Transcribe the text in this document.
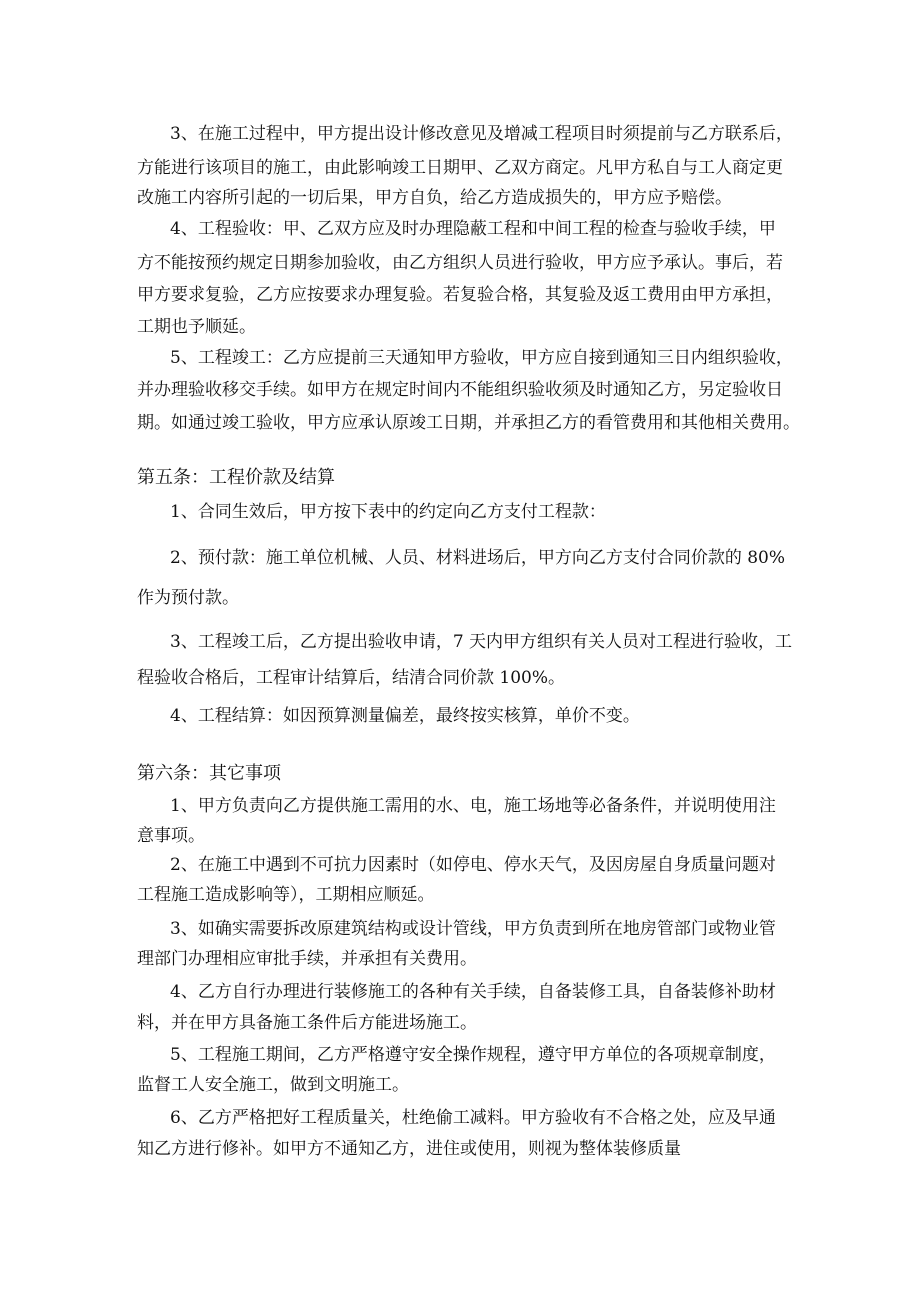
3、在施工过程中，甲方提出设计修改意见及增减工程项目时须提前与乙方联系后，
方能进行该项目的施工，由此影响竣工日期甲、乙双方商定。凡甲方私自与工人商定更
改施工内容所引起的一切后果，甲方自负，给乙方造成损失的，甲方应予赔偿。
4、工程验收：甲、乙双方应及时办理隐蔽工程和中间工程的检查与验收手续，甲
方不能按预约规定日期参加验收，由乙方组织人员进行验收，甲方应予承认。事后，若
甲方要求复验，乙方应按要求办理复验。若复验合格，其复验及返工费用由甲方承担，
工期也予顺延。
5、工程竣工：乙方应提前三天通知甲方验收，甲方应自接到通知三日内组织验收，
并办理验收移交手续。如甲方在规定时间内不能组织验收须及时通知乙方，另定验收日
期。如通过竣工验收，甲方应承认原竣工日期，并承担乙方的看管费用和其他相关费用。
第五条：工程价款及结算
1、合同生效后，甲方按下表中的约定向乙方支付工程款：
2、预付款：施工单位机械、人员、材料进场后，甲方向乙方支付合同价款的 80%
作为预付款。
3、工程竣工后，乙方提出验收申请，7 天内甲方组织有关人员对工程进行验收，工
程验收合格后，工程审计结算后，结清合同价款 100%。
4、工程结算：如因预算测量偏差，最终按实核算，单价不变。
第六条：其它事项
1、甲方负责向乙方提供施工需用的水、电，施工场地等必备条件，并说明使用注
意事项。
2、在施工中遇到不可抗力因素时（如停电、停水天气，及因房屋自身质量问题对
工程施工造成影响等），工期相应顺延。
3、如确实需要拆改原建筑结构或设计管线，甲方负责到所在地房管部门或物业管
理部门办理相应审批手续，并承担有关费用。
4、乙方自行办理进行装修施工的各种有关手续，自备装修工具，自备装修补助材
料，并在甲方具备施工条件后方能进场施工。
5、工程施工期间，乙方严格遵守安全操作规程，遵守甲方单位的各项规章制度，
监督工人安全施工，做到文明施工。
6、乙方严格把好工程质量关，杜绝偷工减料。甲方验收有不合格之处，应及早通
知乙方进行修补。如甲方不通知乙方，进住或使用，则视为整体装修质量
